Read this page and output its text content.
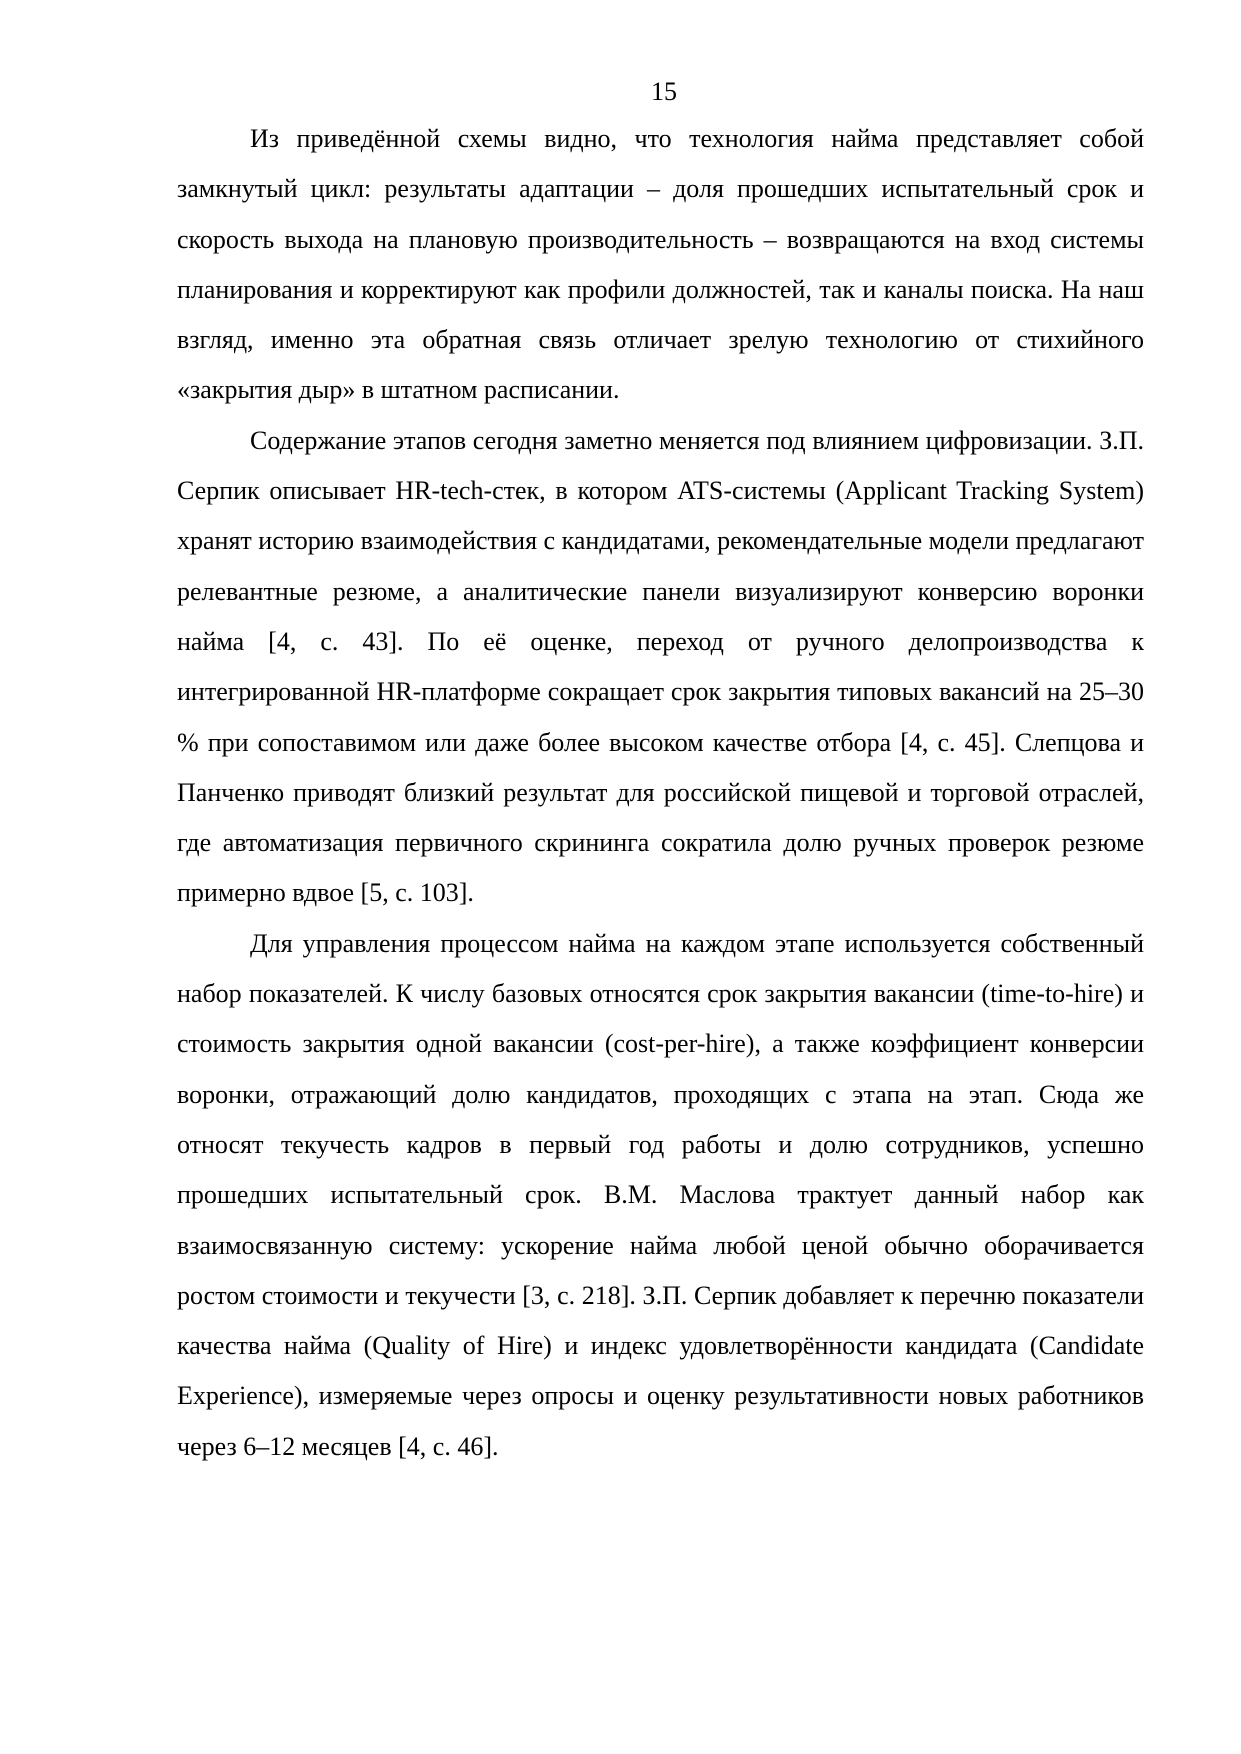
15

Из приведённой схемы видно, что технология найма представляет собой замкнутый цикл: результаты адаптации – доля прошедших испытательный срок и скорость выхода на плановую производительность – возвращаются на вход системы планирования и корректируют как профили должностей, так и каналы поиска. На наш взгляд, именно эта обратная связь отличает зрелую технологию от стихийного «закрытия дыр» в штатном расписании.

Содержание этапов сегодня заметно меняется под влиянием цифровизации. З.П. Серпик описывает HR-tech-стек, в котором ATS-системы (Applicant Tracking System) хранят историю взаимодействия с кандидатами, рекомендательные модели предлагают релевантные резюме, а аналитические панели визуализируют конверсию воронки найма [4, с. 43]. По её оценке, переход от ручного делопроизводства к интегрированной HR-платформе сокращает срок закрытия типовых вакансий на 25–30 % при сопоставимом или даже более высоком качестве отбора [4, с. 45]. Слепцова и Панченко приводят близкий результат для российской пищевой и торговой отраслей, где автоматизация первичного скрининга сократила долю ручных проверок резюме примерно вдвое [5, с. 103].

Для управления процессом найма на каждом этапе используется собственный набор показателей. К числу базовых относятся срок закрытия вакансии (time-to-hire) и стоимость закрытия одной вакансии (cost-per-hire), а также коэффициент конверсии воронки, отражающий долю кандидатов, проходящих с этапа на этап. Сюда же относят текучесть кадров в первый год работы и долю сотрудников, успешно прошедших испытательный срок. В.М. Маслова трактует данный набор как взаимосвязанную систему: ускорение найма любой ценой обычно оборачивается ростом стоимости и текучести [3, с. 218]. З.П. Серпик добавляет к перечню показатели качества найма (Quality of Hire) и индекс удовлетворённости кандидата (Candidate Experience), измеряемые через опросы и оценку результативности новых работников через 6–12 месяцев [4, с. 46].
